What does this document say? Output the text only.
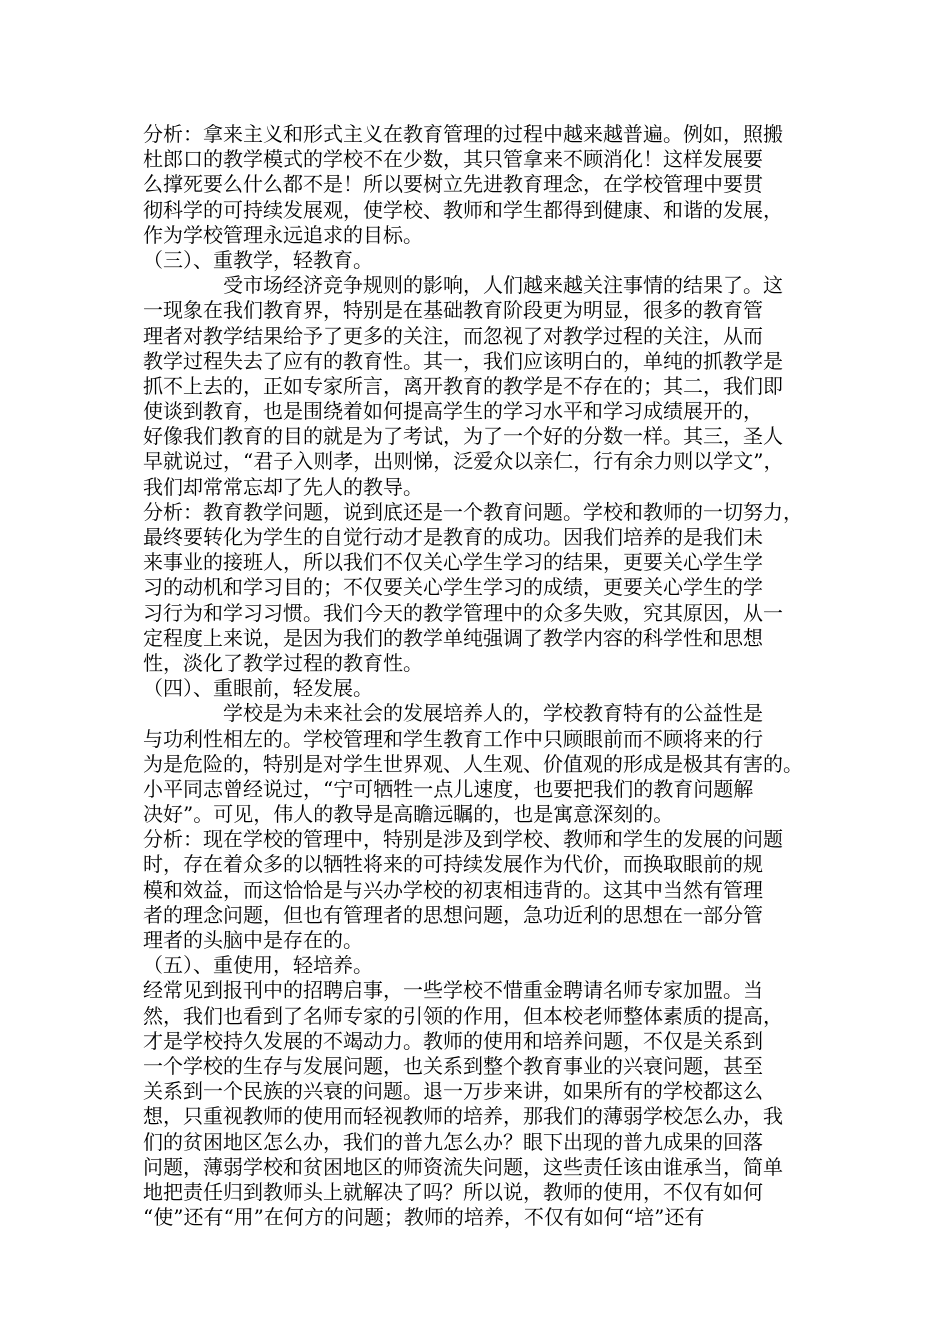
分析：拿来主义和形式主义在教育管理的过程中越来越普遍。例如，照搬
杜郎口的教学模式的学校不在少数，其只管拿来不顾消化！这样发展要
么撑死要么什么都不是！所以要树立先进教育理念，在学校管理中要贯
彻科学的可持续发展观，使学校、教师和学生都得到健康、和谐的发展，
作为学校管理永远追求的目标。
（三）、重教学，轻教育。
受市场经济竞争规则的影响，人们越来越关注事情的结果了。这
一现象在我们教育界，特别是在基础教育阶段更为明显，很多的教育管
理者对教学结果给予了更多的关注，而忽视了对教学过程的关注，从而
教学过程失去了应有的教育性。其一，我们应该明白的，单纯的抓教学是
抓不上去的，正如专家所言，离开教育的教学是不存在的；其二，我们即
使谈到教育，也是围绕着如何提高学生的学习水平和学习成绩展开的，
好像我们教育的目的就是为了考试，为了一个好的分数一样。其三，圣人
早就说过，“君子入则孝，出则悌，泛爱众以亲仁，行有余力则以学文”，
我们却常常忘却了先人的教导。
分析：教育教学问题，说到底还是一个教育问题。学校和教师的一切努力，
最终要转化为学生的自觉行动才是教育的成功。因我们培养的是我们未
来事业的接班人，所以我们不仅关心学生学习的结果，更要关心学生学
习的动机和学习目的；不仅要关心学生学习的成绩，更要关心学生的学
习行为和学习习惯。我们今天的教学管理中的众多失败，究其原因，从一
定程度上来说，是因为我们的教学单纯强调了教学内容的科学性和思想
性，淡化了教学过程的教育性。
（四）、重眼前，轻发展。
学校是为未来社会的发展培养人的，学校教育特有的公益性是
与功利性相左的。学校管理和学生教育工作中只顾眼前而不顾将来的行
为是危险的，特别是对学生世界观、人生观、价值观的形成是极其有害的。
小平同志曾经说过，“宁可牺牲一点儿速度，也要把我们的教育问题解
决好”。可见，伟人的教导是高瞻远瞩的，也是寓意深刻的。
分析：现在学校的管理中，特别是涉及到学校、教师和学生的发展的问题
时，存在着众多的以牺牲将来的可持续发展作为代价，而换取眼前的规
模和效益，而这恰恰是与兴办学校的初衷相违背的。这其中当然有管理
者的理念问题，但也有管理者的思想问题，急功近利的思想在一部分管
理者的头脑中是存在的。
（五）、重使用，轻培养。
经常见到报刊中的招聘启事，一些学校不惜重金聘请名师专家加盟。当
然，我们也看到了名师专家的引领的作用，但本校老师整体素质的提高，
才是学校持久发展的不竭动力。教师的使用和培养问题，不仅是关系到
一个学校的生存与发展问题，也关系到整个教育事业的兴衰问题，甚至
关系到一个民族的兴衰的问题。退一万步来讲，如果所有的学校都这么
想，只重视教师的使用而轻视教师的培养，那我们的薄弱学校怎么办，我
们的贫困地区怎么办，我们的普九怎么办？眼下出现的普九成果的回落
问题，薄弱学校和贫困地区的师资流失问题，这些责任该由谁承当，简单
地把责任归到教师头上就解决了吗？所以说，教师的使用，不仅有如何
“使”还有“用”在何方的问题；教师的培养，不仅有如何“培”还有
